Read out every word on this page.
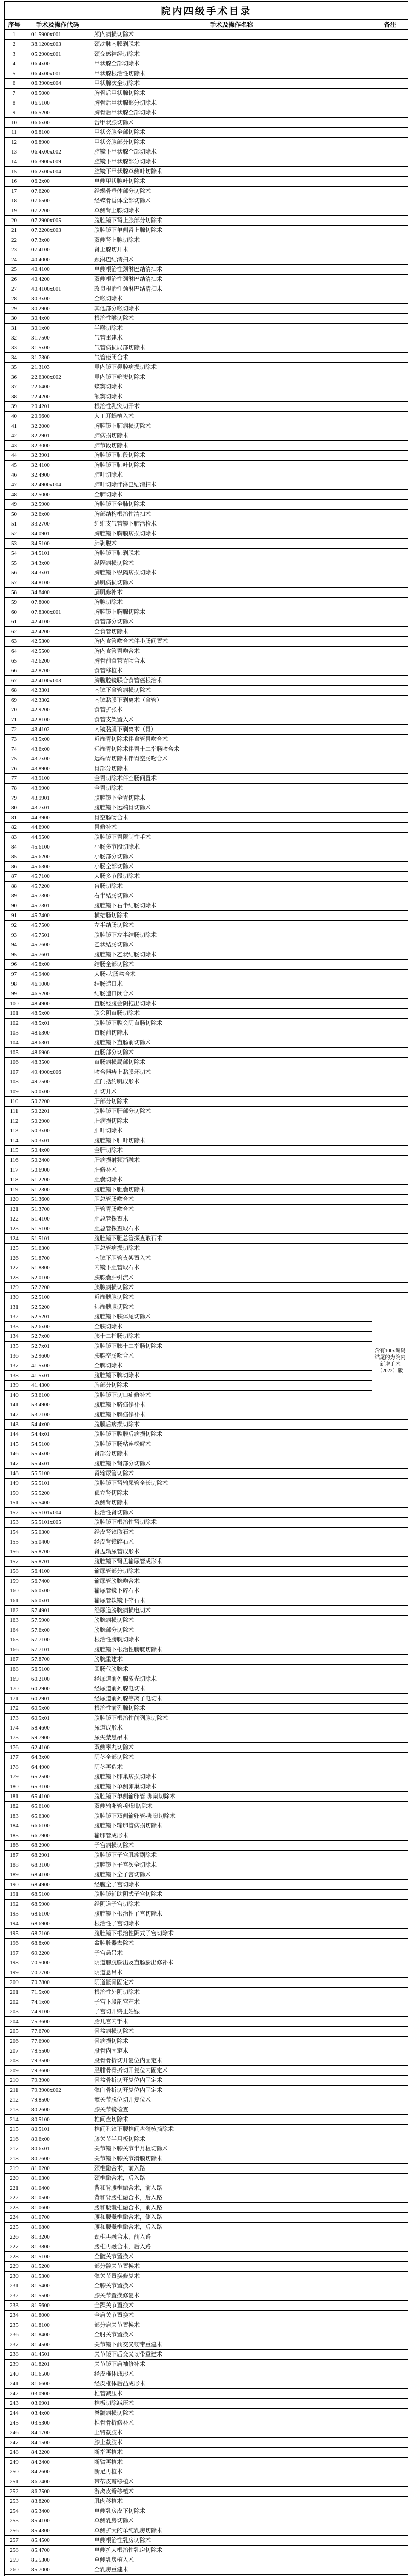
院内四级手术目录			
序号	手术及操作代码	手术及操作名称	备注
1	01.5900x001	颅内病损切除术	
2	38.1200x003	颈动脉内膜剥脱术	
3	05.2900x001	颈交感神经切除术	
4	06.4x00	甲状腺全部切除术	
5	06.4x00x001	甲状腺根治性切除术	
6	06.3900x004	甲状腺次全切除术	
7	06.5000	胸骨后甲状腺切除术	
8	06.5100	胸骨后甲状腺部分切除术	
9	06.5200	胸骨后甲状腺全部切除术	
10	06.6x00	舌甲状腺切除术	
11	06.8100	甲状旁腺全部切除术	
12	06.8900	甲状旁腺部分切除术	
13	06.4x00x002	腔镜下甲状腺全部切除术	
14	06.3900x009	腔镜下甲状腺部分切除术	
15	06.2x00x004	腔镜下甲状腺单侧叶切除术	
16	06.2x00	单侧甲状腺叶切除术	
17	07.6200	经蝶骨垂体部分切除术	
18	07.6500	经蝶骨垂体全部切除术	
19	07.2200	单侧肾上腺切除术	
20	07.2900x005	腹腔镜下肾上腺部分切除术	
21	07.2200x003	腹腔镜下单侧肾上腺切除术	
22	07.3x00	双侧肾上腺切除术	
23	07.4100	肾上腺切开术	
24	40.4000	颈淋巴结清扫术	
25	40.4100	单侧根治性颈淋巴结清扫术	
26	40.4200	双侧根治性颈淋巴结清扫术	
27	40.4100x001	改良根治性颈淋巴结清扫术	
28	30.3x00	全喉切除术	
29	30.2900	其他部分喉切除术	
30	30.4x00	根治性喉切除术	
31	30.1x00	半喉切除术	
32	31.7500	气管重建术	
33	31.5x00	气管病损局部切除术	
34	31.7300	气管瘘闭合术	
35	21.3103	鼻内镜下鼻腔病损切除术	
36	22.6300x002	鼻内镜下筛窦切除术	
37	22.6400	蝶窦切除术	
38	22.4200	额窦切除术	
39	20.4201	根治性乳突切开术	
40	20.9600	人工耳蜗植入术	
41	32.2000	胸腔镜下肺病损切除术	
42	32.2901	肺病损切除术	
43	32.3000	肺节段切除术	
44	32.3901	胸腔镜下肺段切除术	
45	32.4100	胸腔镜下肺叶切除术	
46	32.4900	肺叶切除术	
47	32.4900x004	肺叶切除伴淋巴结清扫术	
48	32.5000	全肺切除术	
49	32.5900	胸腔镜下全肺切除术	
50	32.6x00	胸部结构根治性清扫术	
51	33.2700	纤维支气管镜下肺活检术	
52	34.0901	胸腔镜下胸膜病损切除术	
53	34.5100	肺剥脱术	
54	34.5101	胸腔镜下肺剥脱术	
55	34.3x00	纵隔病损切除术	
56	34.3x01	胸腔镜下纵隔病损切除术	
57	34.8100	膈肌病损切除术	
58	34.8400	膈肌修补术	
59	07.8000	胸腺切除术	
60	07.8300x001	胸腔镜下胸腺切除术	
61	42.4100	食管部分切除术	
62	42.4200	全食管切除术	
63	42.5300	胸内食管吻合术伴小肠间置术	
64	42.5500	胸内食管胃吻合术	
65	42.6200	胸骨前食管胃吻合术	
66	42.8700	食管移植术	
67	42.4100x003	胸腹腔镜联合食管癌根治术	
68	42.3301	内镜下食管病损切除术	
69	42.3302	内镜黏膜下剥离术（食管）	
70	42.9200	食管扩张术	
71	42.8100	食管支架置入术	
72	43.4102	内镜黏膜下剥离术（胃）	
73	43.5x00	近端胃切除术伴食管胃吻合术	
74	43.6x00	远端胃切除术伴胃十二指肠吻合术	
75	43.7x00	远端胃切除术伴胃空肠吻合术	
76	43.8900	胃部分切除术	
77	43.9100	全胃切除术伴空肠间置术	
78	43.9900	全胃切除术	
79	43.9901	腹腔镜下全胃切除术	
80	43.7x01	腹腔镜下远端胃切除术	
81	44.3900	胃空肠吻合术	
82	44.6900	胃修补术	
83	44.9500	腹腔镜下胃限制性手术	
84	45.6100	小肠多节段切除术	
85	45.6200	小肠部分切除术	
86	45.6300	小肠全部切除术	
87	45.7100	大肠多节段切除术	
88	45.7200	盲肠切除术	
89	45.7300	右半结肠切除术	
90	45.7301	腹腔镜下右半结肠切除术	
91	45.7400	横结肠切除术	
92	45.7500	左半结肠切除术	
93	45.7501	腹腔镜下左半结肠切除术	
94	45.7600	乙状结肠切除术	
95	45.7601	腹腔镜下乙状结肠切除术	
96	45.8x00	结肠全部切除术	
97	45.9400	大肠-大肠吻合术	
98	46.1000	结肠造口术	
99	46.5200	结肠造口闭合术	
100	48.4900	直肠经腹会阴拖出切除术	
101	48.5x00	腹会阴直肠切除术	
102	48.5x01	腹腔镜下腹会阴直肠切除术	
103	48.6300	直肠前切除术	
104	48.6301	腹腔镜下直肠前切除术	
105	48.6900	直肠部分切除术	
106	48.3500	直肠病损局部切除术	
107	49.4900x006	吻合器痔上黏膜环切术	
108	49.7500	肛门括约肌成形术	
109	50.0x00	肝切开术	
110	50.2200	肝部分切除术	
111	50.2201	腹腔镜下肝部分切除术	
112	50.2900	肝病损切除术	
113	50.3x00	肝叶切除术	
114	50.3x01	腹腔镜下肝叶切除术	
115	50.4x00	全肝切除术	
116	50.2400	肝病损射频消融术	
117	50.6900	肝修补术	
118	51.2200	胆囊切除术	
119	51.2300	腹腔镜下胆囊切除术	
120	51.3600	胆总管肠吻合术	
121	51.3700	肝管胃肠吻合术	
122	51.4100	胆总管探查术	
123	51.5100	胆总管探查取石术	
124	51.5101	腹腔镜下胆总管探查取石术	
125	51.6300	胆总管病损切除术	
126	51.8700	内镜下胆管支架置入术	
127	51.8800	内镜下胆管取石术	
128	52.0100	胰腺囊肿引流术	
129	52.2200	胰腺病损切除术	
130	52.5100	近端胰腺切除术	
131	52.5200	远端胰腺切除术	
132	52.5201	腹腔镜下胰体尾切除术	含有100x编码结尾的为院内新增手术（2022）版
133	52.6x00	全胰切除术	
134	52.7x00	胰十二指肠切除术	
135	52.7x01	腹腔镜下胰十二指肠切除术	
136	52.9600	胰腺空肠吻合术	
137	41.5x00	全脾切除术	
138	41.5x01	腹腔镜下脾切除术	
139	41.4300	脾部分切除术	
140	53.6100	腹腔镜下切口疝修补术	
141	53.4900	腹腔镜下脐疝修补术	
142	53.7100	腹腔镜下膈疝修补术	
143	54.4x00	腹膜后病损切除术	
144	54.4x01	腹腔镜下腹膜后病损切除术	
145	54.5100	腹腔镜下肠粘连松解术	
146	55.4x00	肾部分切除术	
147	55.4x01	腹腔镜下肾部分切除术	
148	55.5100	肾输尿管切除术	
149	55.5101	腹腔镜下肾输尿管全长切除术	
150	55.5200	孤立肾切除术	
151	55.5400	双侧肾切除术	
152	55.5101x004	根治性肾切除术	
153	55.5101x005	腹腔镜下根治性肾切除术	
154	55.0300	经皮肾镜取石术	
155	55.0400	经皮肾镜碎石术	
156	55.8700	肾盂输尿管成形术	
157	55.8701	腹腔镜下肾盂输尿管成形术	
158	56.4100	输尿管部分切除术	
159	56.7400	输尿管膀胱吻合术	
160	56.0x00	输尿管镜下碎石术	
161	56.0x01	输尿管软镜下碎石术	
162	57.4901	经尿道膀胱病损电切术	
163	57.5900	膀胱病损切除术	
164	57.6x00	膀胱部分切除术	
165	57.7100	根治性膀胱切除术	
166	57.7101	腹腔镜下根治性膀胱切除术	
167	57.8700	膀胱重建术	
168	56.5100	回肠代膀胱术	
169	60.2100	经尿道前列腺激光切除术	
170	60.2900	经尿道前列腺电切术	
171	60.2901	经尿道前列腺等离子电切术	
172	60.5x00	根治性前列腺切除术	
173	60.5x01	腹腔镜下根治性前列腺切除术	
174	58.4600	尿道成形术	
175	59.7900	尿失禁悬吊术	
176	62.4100	双侧睾丸切除术	
177	64.3x00	阴茎全部切除术	
178	64.4900	阴茎再造术	
179	65.2500	腹腔镜下卵巢病损切除术	
180	65.3100	腹腔镜下单侧卵巢切除术	
181	65.4100	腹腔镜下单侧输卵管-卵巢切除术	
182	65.6100	双侧输卵管-卵巢切除术	
183	65.6300	腹腔镜下双侧输卵管-卵巢切除术	
184	66.6100	腹腔镜下输卵管病损切除术	
185	66.7900	输卵管成形术	
186	68.2900	子宫病损切除术	
187	68.2901	腹腔镜下子宫肌瘤剔除术	
188	68.3100	腹腔镜下子宫次全切除术	
189	68.4100	腹腔镜下全子宫切除术	
190	68.4900	经腹全子宫切除术	
191	68.5100	腹腔镜辅助阴式子宫切除术	
192	68.5900	经阴道子宫切除术	
193	68.6100	腹腔镜下根治性子宫切除术	
194	68.6900	根治性子宫切除术	
195	68.7100	腹腔镜下根治性阴式子宫切除术	
196	68.8x00	盆腔脏器去除术	
197	69.2200	子宫悬吊术	
198	70.5000	阴道膀胱膨出及直肠膨出修补术	
199	70.7700	阴道悬吊术	
200	70.7800	阴道骶骨固定术	
201	71.5x00	根治性外阴切除术	
202	74.1x00	子宫下段剖宫产术	
203	74.9100	子宫切开终止妊娠	
204	75.3600	胎儿宫内手术	
205	77.6700	骨盆病损切除术	
206	77.6900	骨病损切除术	
207	78.5500	股骨内固定术	
208	79.3500	股骨骨折切开复位内固定术	
209	79.3600	胫腓骨骨折切开复位内固定术	
210	79.3900	骨盆骨折切开复位内固定术	
211	79.3900x002	髋臼骨折切开复位内固定术	
212	79.8500	髋关节脱位切开复位术	
213	80.2600	膝关节镜检查	
214	80.5100	椎间盘切除术	
215	80.5101	椎间孔镜下腰椎间盘髓核摘除术	
216	80.6x00	膝关节半月板切除术	
217	80.6x01	关节镜下膝关节半月板切除术	
218	80.7600	关节镜下膝关节滑膜切除术	
219	81.0200	颈椎融合术，前入路	
220	81.0300	颈椎融合术，后入路	
221	81.0400	背和背腰椎融合术，前入路	
222	81.0500	背和背腰椎融合术，后入路	
223	81.0600	腰和腰骶椎融合术，前入路	
224	81.0700	腰和腰骶椎融合术，侧入路	
225	81.0800	腰和腰骶椎融合术，后入路	
226	81.3200	颈椎再融合术，前入路	
227	81.3800	腰椎再融合术，后入路	
228	81.5100	全髋关节置换术	
229	81.5200	部分髋关节置换术	
230	81.5300	髋关节置换修复术	
231	81.5400	全膝关节置换术	
232	81.5500	膝关节置换修复术	
233	81.5600	全踝关节置换术	
234	81.8000	全肩关节置换术	
235	81.8100	部分肩关节置换术	
236	81.8400	全肘关节置换术	
237	81.4500	关节镜下前交叉韧带重建术	
238	81.4501	关节镜下后交叉韧带重建术	
239	81.8201	关节镜下肩袖修补术	
240	81.6500	经皮椎体成形术	
241	81.6600	经皮椎体后凸成形术	
242	03.0900	椎管减压术	
243	03.0901	椎板切除减压术	
244	03.4x00	脊髓病损切除术	
245	03.5300	椎骨骨折修补术	
246	84.1700	上臂截肢术	
247	84.1500	膝上截肢术	
248	84.2200	断指再植术	
249	84.2400	断臂再植术	
250	84.2600	断足再植术	
251	86.7400	带蒂皮瓣移植术	
252	86.7500	游离皮瓣移植术	
253	83.8200	肌肉移植术	
254	85.3400	单侧乳房皮下切除术	
255	85.4100	单侧乳房切除术	
256	85.4300	单侧扩大的单纯乳房切除术	
257	85.4500	单侧根治性乳房切除术	
258	85.4700	单侧扩大根治性乳房切除术	
259	85.5300	单侧乳房植入术	
260	85.7000	全乳房重建术	
